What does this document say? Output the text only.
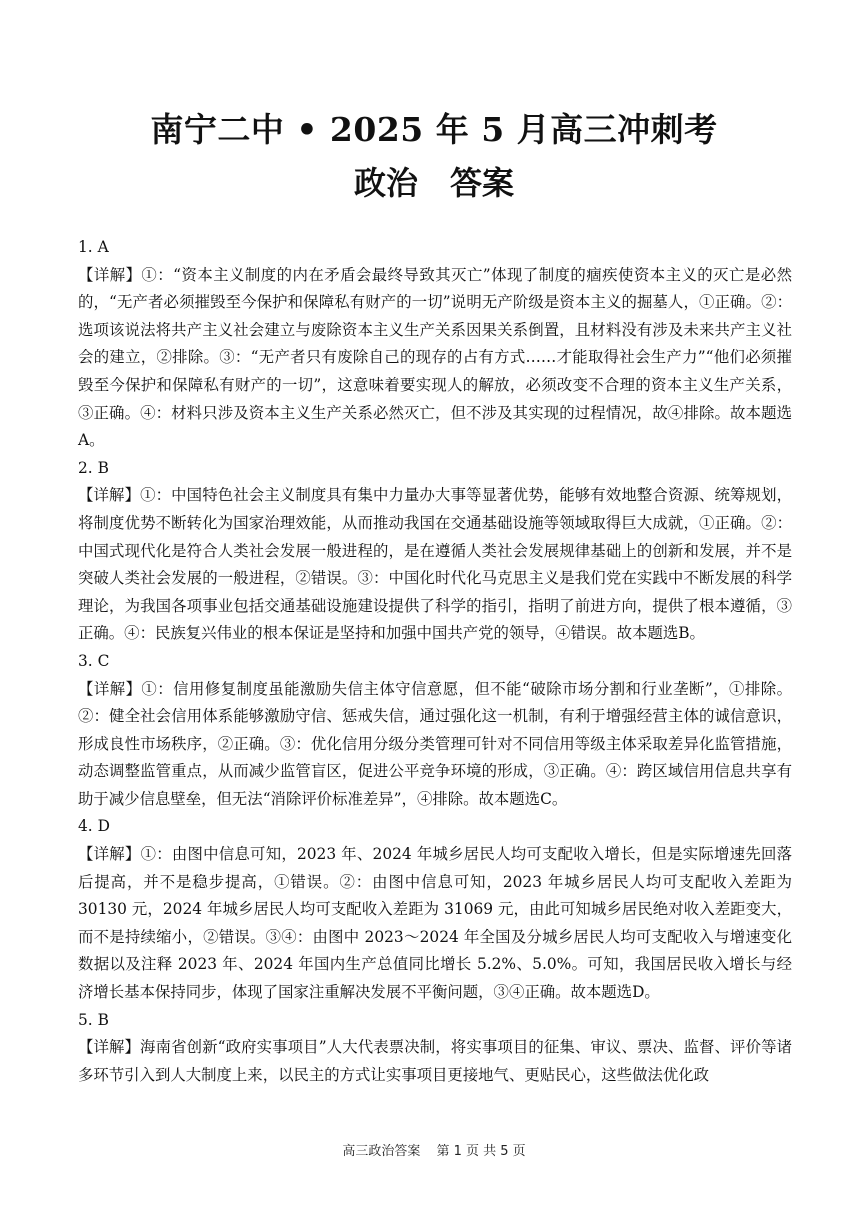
南宁二中 • 2025 年 5 月高三冲刺考
政治 答案

1. A

【详解】①：“资本主义制度的内在矛盾会最终导致其灭亡”体现了制度的痼疾使资本主义的灭亡是必然的，“无产者必须摧毁至今保护和保障私有财产的一切”说明无产阶级是资本主义的掘墓人，①正确。②：选项该说法将共产主义社会建立与废除资本主义生产关系因果关系倒置，且材料没有涉及未来共产主义社会的建立，②排除。③：“无产者只有废除自己的现存的占有方式……才能取得社会生产力”“他们必须摧毁至今保护和保障私有财产的一切”，这意味着要实现人的解放，必须改变不合理的资本主义生产关系，③正确。④：材料只涉及资本主义生产关系必然灭亡，但不涉及其实现的过程情况，故④排除。故本题选A。

2. B

【详解】①：中国特色社会主义制度具有集中力量办大事等显著优势，能够有效地整合资源、统筹规划，将制度优势不断转化为国家治理效能，从而推动我国在交通基础设施等领域取得巨大成就，①正确。②：中国式现代化是符合人类社会发展一般进程的，是在遵循人类社会发展规律基础上的创新和发展，并不是突破人类社会发展的一般进程，②错误。③：中国化时代化马克思主义是我们党在实践中不断发展的科学理论，为我国各项事业包括交通基础设施建设提供了科学的指引，指明了前进方向，提供了根本遵循，③正确。④：民族复兴伟业的根本保证是坚持和加强中国共产党的领导，④错误。故本题选B。

3. C

【详解】①：信用修复制度虽能激励失信主体守信意愿，但不能“破除市场分割和行业垄断”，①排除。②：健全社会信用体系能够激励守信、惩戒失信，通过强化这一机制，有利于增强经营主体的诚信意识，形成良性市场秩序，②正确。③：优化信用分级分类管理可针对不同信用等级主体采取差异化监管措施，动态调整监管重点，从而减少监管盲区，促进公平竞争环境的形成，③正确。④：跨区域信用信息共享有助于减少信息壁垒，但无法“消除评价标准差异”，④排除。故本题选C。

4. D

【详解】①：由图中信息可知，2023 年、2024 年城乡居民人均可支配收入增长，但是实际增速先回落后提高，并不是稳步提高，①错误。②：由图中信息可知，2023 年城乡居民人均可支配收入差距为 30130 元，2024 年城乡居民人均可支配收入差距为 31069 元，由此可知城乡居民绝对收入差距变大，而不是持续缩小，②错误。③④：由图中 2023～2024 年全国及分城乡居民人均可支配收入与增速变化数据以及注释 2023 年、2024 年国内生产总值同比增长 5.2%、5.0%。可知，我国居民收入增长与经济增长基本保持同步，体现了国家注重解决发展不平衡问题，③④正确。故本题选D。

5. B

【详解】海南省创新“政府实事项目”人大代表票决制，将实事项目的征集、审议、票决、监督、评价等诸多环节引入到人大制度上来，以民主的方式让实事项目更接地气、更贴民心，这些做法优化政

高三政治答案 第 1 页 共 5 页
